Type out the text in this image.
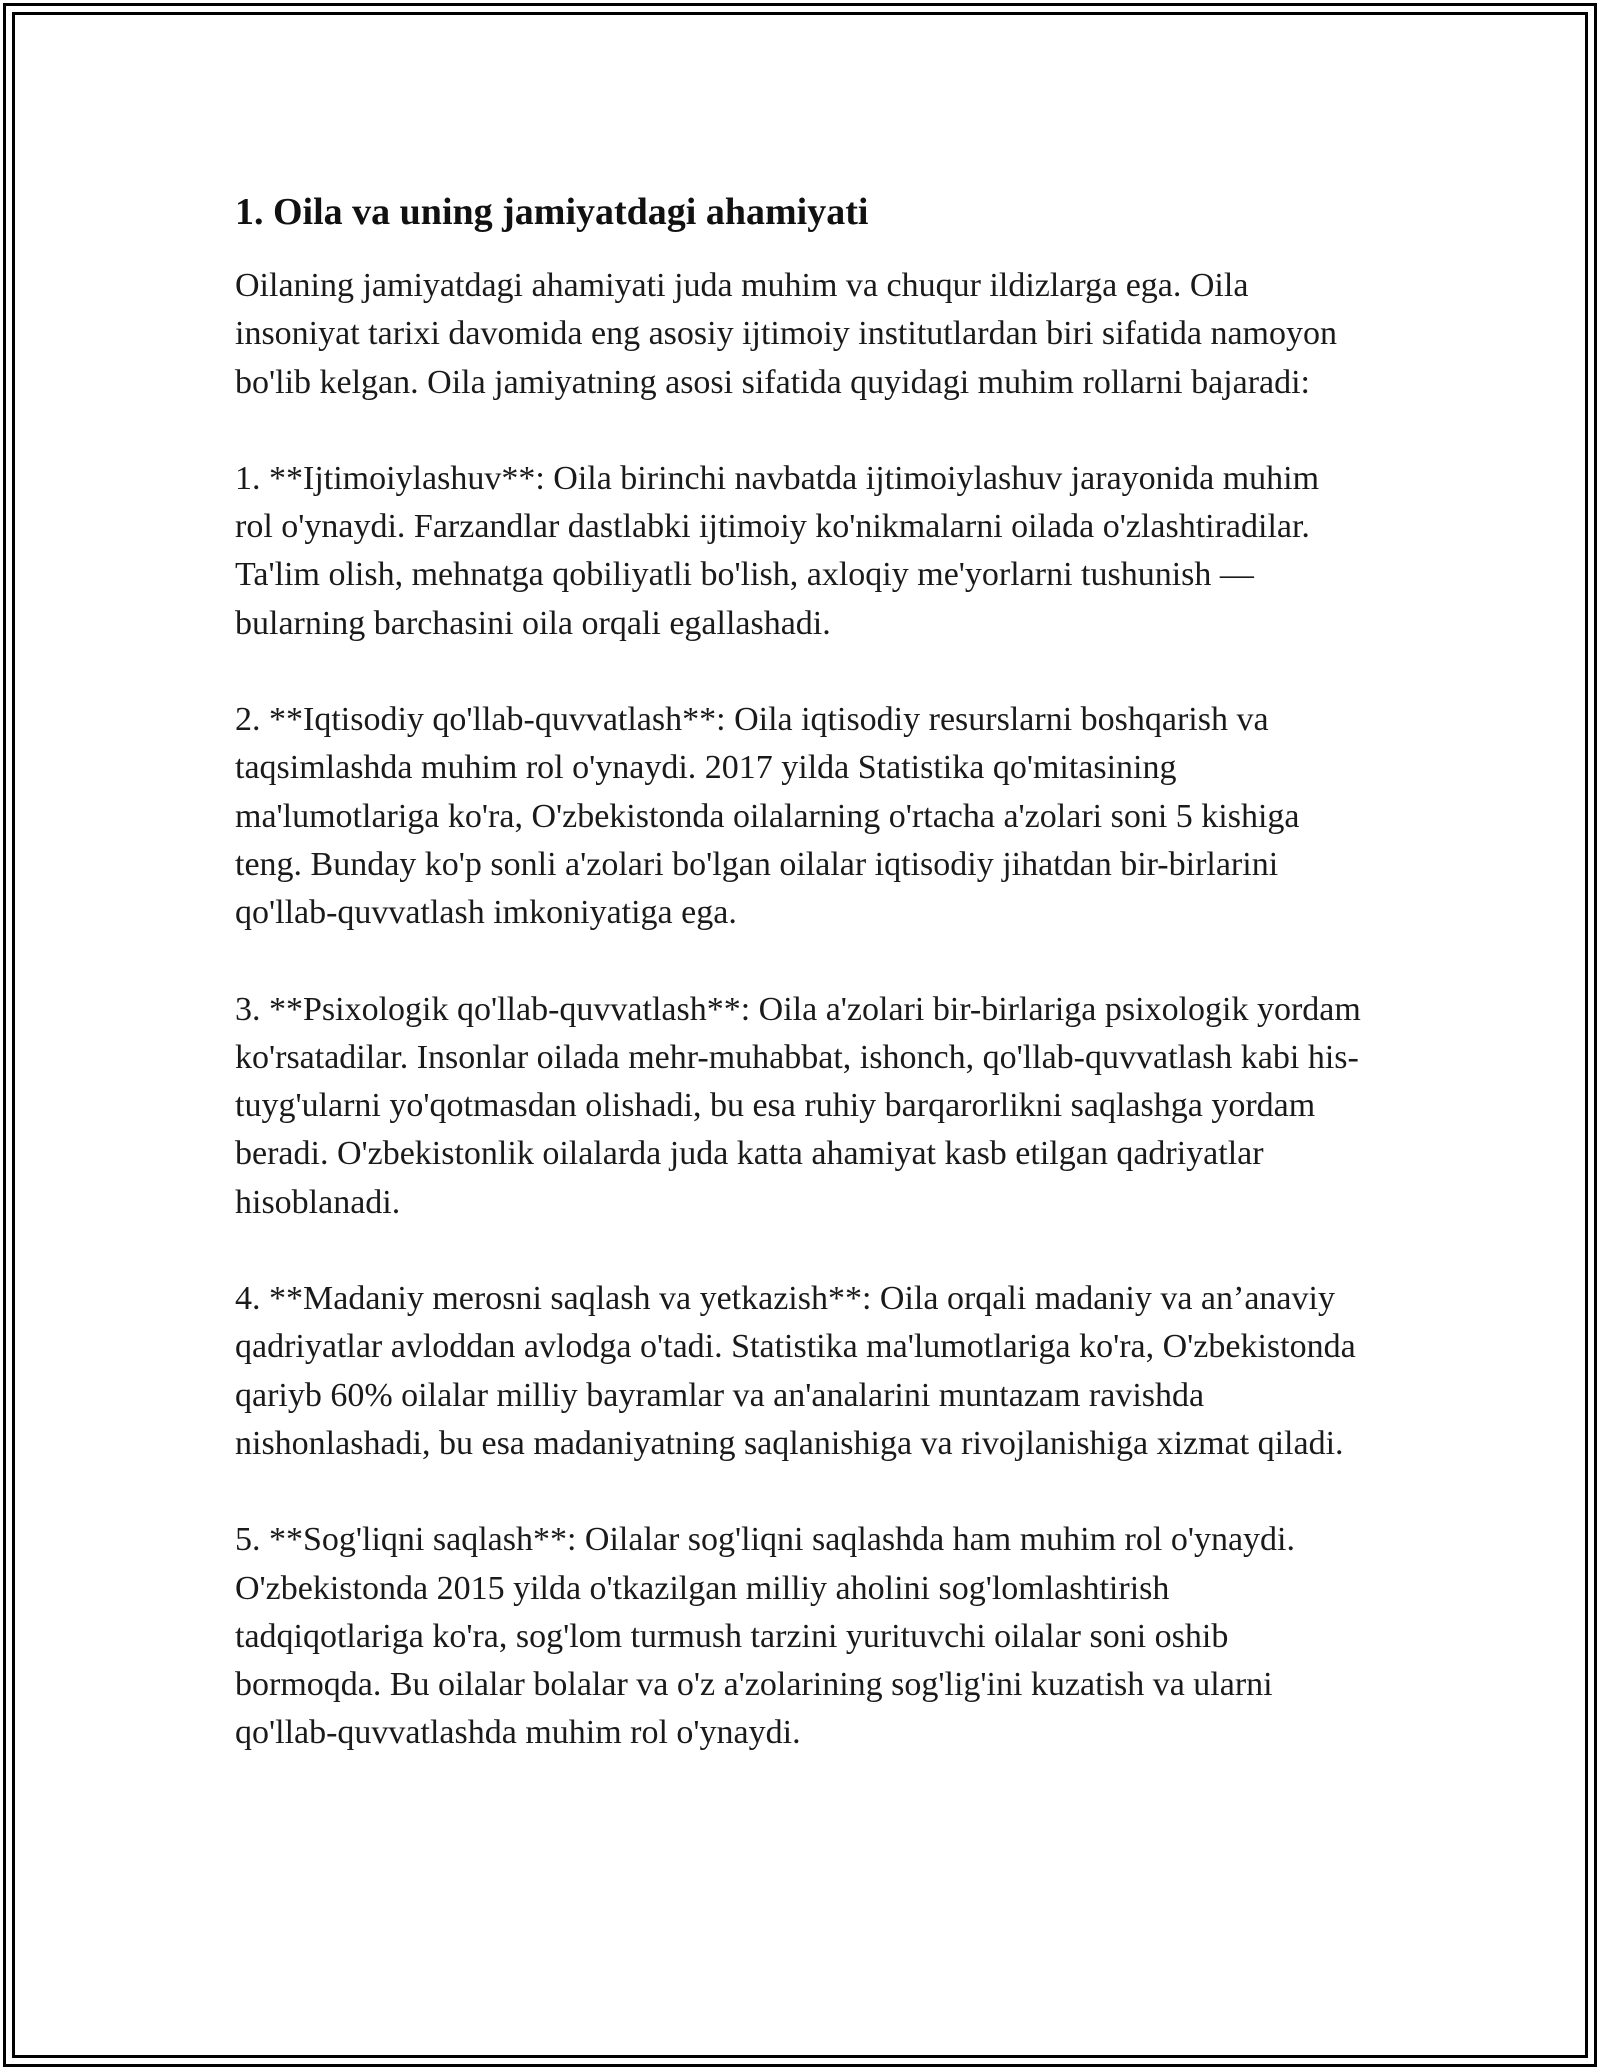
1. Oila va uning jamiyatdagi ahamiyati

Oilaning jamiyatdagi ahamiyati juda muhim va chuqur ildizlarga ega. Oila insoniyat tarixi davomida eng asosiy ijtimoiy institutlardan biri sifatida namoyon bo'lib kelgan. Oila jamiyatning asosi sifatida quyidagi muhim rollarni bajaradi:

1. **Ijtimoiylashuv**: Oila birinchi navbatda ijtimoiylashuv jarayonida muhim rol o'ynaydi. Farzandlar dastlabki ijtimoiy ko'nikmalarni oilada o'zlashtiradilar. Ta'lim olish, mehnatga qobiliyatli bo'lish, axloqiy me'yorlarni tushunish — bularning barchasini oila orqali egallashadi.

2. **Iqtisodiy qo'llab-quvvatlash**: Oila iqtisodiy resurslarni boshqarish va taqsimlashda muhim rol o'ynaydi. 2017 yilda Statistika qo'mitasining ma'lumotlariga ko'ra, O'zbekistonda oilalarning o'rtacha a'zolari soni 5 kishiga teng. Bunday ko'p sonli a'zolari bo'lgan oilalar iqtisodiy jihatdan bir-birlarini qo'llab-quvvatlash imkoniyatiga ega.

3. **Psixologik qo'llab-quvvatlash**: Oila a'zolari bir-birlariga psixologik yordam ko'rsatadilar. Insonlar oilada mehr-muhabbat, ishonch, qo'llab-quvvatlash kabi his-tuyg'ularni yo'qotmasdan olishadi, bu esa ruhiy barqarorlikni saqlashga yordam beradi. O'zbekistonlik oilalarda juda katta ahamiyat kasb etilgan qadriyatlar hisoblanadi.

4. **Madaniy merosni saqlash va yetkazish**: Oila orqali madaniy va an’anaviy qadriyatlar avloddan avlodga o'tadi. Statistika ma'lumotlariga ko'ra, O'zbekistonda qariyb 60% oilalar milliy bayramlar va an'analarini muntazam ravishda nishonlashadi, bu esa madaniyatning saqlanishiga va rivojlanishiga xizmat qiladi.

5. **Sog'liqni saqlash**: Oilalar sog'liqni saqlashda ham muhim rol o'ynaydi. O'zbekistonda 2015 yilda o'tkazilgan milliy aholini sog'lomlashtirish tadqiqotlariga ko'ra, sog'lom turmush tarzini yurituvchi oilalar soni oshib bormoqda. Bu oilalar bolalar va o'z a'zolarining sog'lig'ini kuzatish va ularni qo'llab-quvvatlashda muhim rol o'ynaydi.
